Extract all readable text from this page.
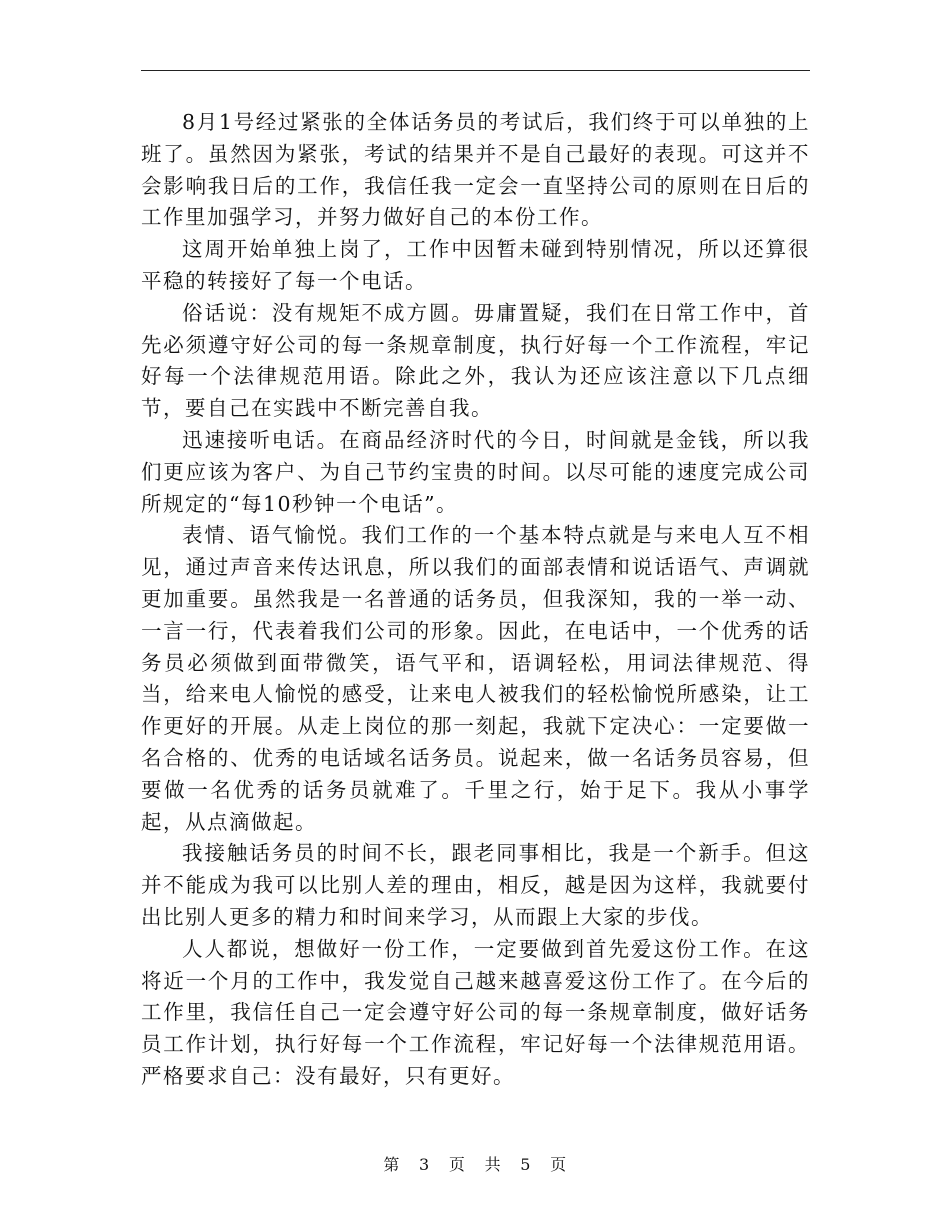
8月1号经过紧张的全体话务员的考试后，我们终于可以单独的上班了。虽然因为紧张，考试的结果并不是自己最好的表现。可这并不会影响我日后的工作，我信任我一定会一直坚持公司的原则在日后的工作里加强学习，并努力做好自己的本份工作。

这周开始单独上岗了，工作中因暂未碰到特别情况，所以还算很平稳的转接好了每一个电话。

俗话说：没有规矩不成方圆。毋庸置疑，我们在日常工作中，首先必须遵守好公司的每一条规章制度，执行好每一个工作流程，牢记好每一个法律规范用语。除此之外，我认为还应该注意以下几点细节，要自己在实践中不断完善自我。

迅速接听电话。在商品经济时代的今日，时间就是金钱，所以我们更应该为客户、为自己节约宝贵的时间。以尽可能的速度完成公司所规定的“每10秒钟一个电话”。

表情、语气愉悦。我们工作的一个基本特点就是与来电人互不相见，通过声音来传达讯息，所以我们的面部表情和说话语气、声调就更加重要。虽然我是一名普通的话务员，但我深知，我的一举一动、一言一行，代表着我们公司的形象。因此，在电话中，一个优秀的话务员必须做到面带微笑，语气平和，语调轻松，用词法律规范、得当，给来电人愉悦的感受，让来电人被我们的轻松愉悦所感染，让工作更好的开展。从走上岗位的那一刻起，我就下定决心：一定要做一名合格的、优秀的电话域名话务员。说起来，做一名话务员容易，但要做一名优秀的话务员就难了。千里之行，始于足下。我从小事学起，从点滴做起。

我接触话务员的时间不长，跟老同事相比，我是一个新手。但这并不能成为我可以比别人差的理由，相反，越是因为这样，我就要付出比别人更多的精力和时间来学习，从而跟上大家的步伐。

人人都说，想做好一份工作，一定要做到首先爱这份工作。在这将近一个月的工作中，我发觉自己越来越喜爱这份工作了。在今后的工作里，我信任自己一定会遵守好公司的每一条规章制度，做好话务员工作计划，执行好每一个工作流程，牢记好每一个法律规范用语。严格要求自己：没有最好，只有更好。

第 3 页 共 5 页
